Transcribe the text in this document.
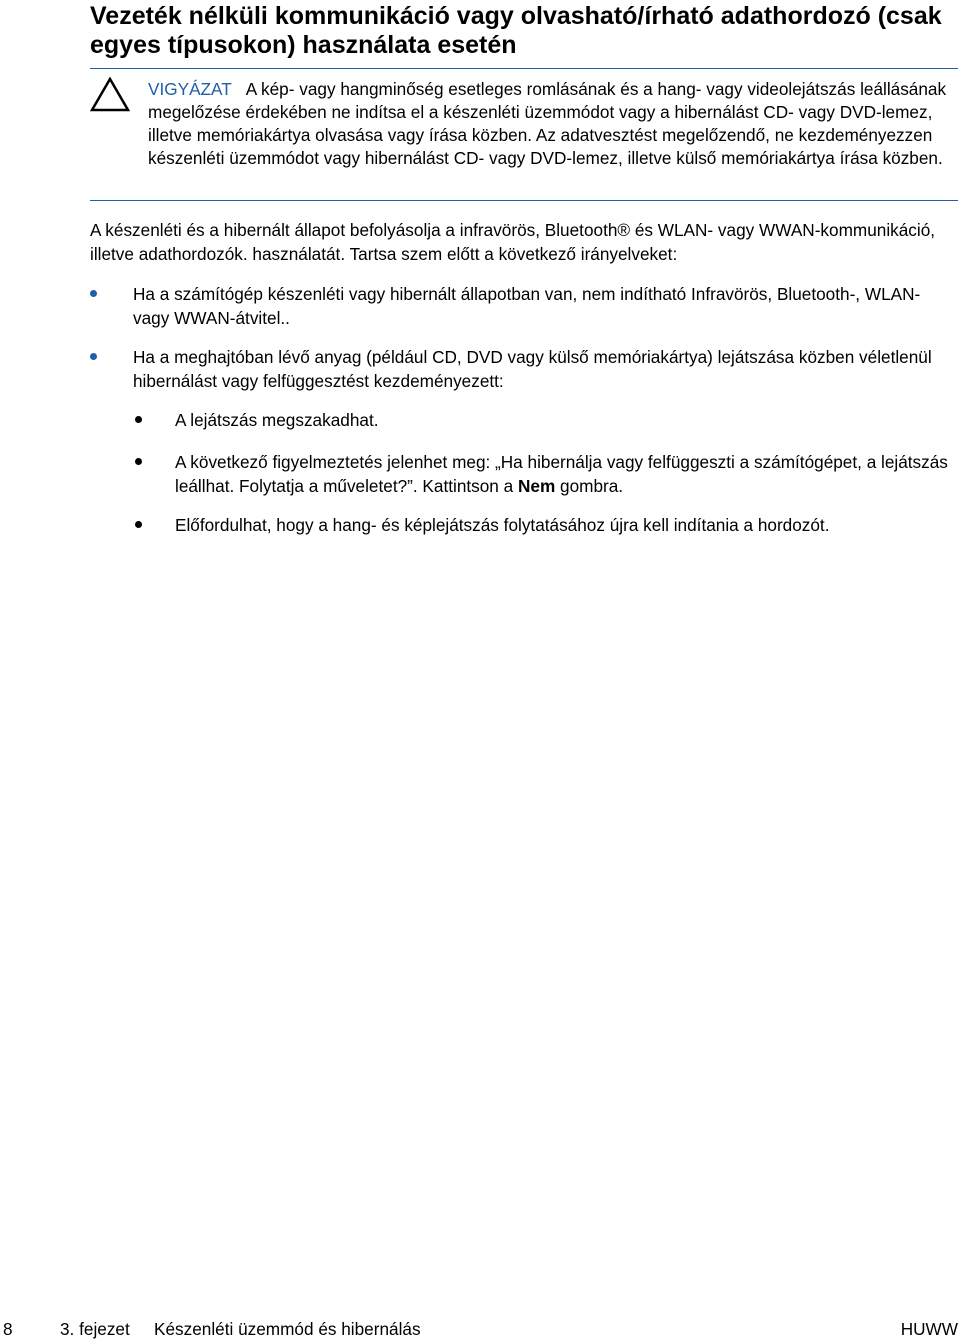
Vezeték nélküli kommunikáció vagy olvasható/írható adathordozó (csak egyes típusokon) használata esetén
VIGYÁZAT A kép- vagy hangminőség esetleges romlásának és a hang- vagy videolejátszás leállásának megelőzése érdekében ne indítsa el a készenléti üzemmódot vagy a hibernálást CD- vagy DVD-lemez, illetve memóriakártya olvasása vagy írása közben. Az adatvesztést megelőzendő, ne kezdeményezzen készenléti üzemmódot vagy hibernálást CD- vagy DVD-lemez, illetve külső memóriakártya írása közben.

A készenléti és a hibernált állapot befolyásolja a infravörös, Bluetooth® és WLAN- vagy WWAN-kommunikáció, illetve adathordozók. használatát. Tartsa szem előtt a következő irányelveket:

Ha a számítógép készenléti vagy hibernált állapotban van, nem indítható Infravörös, Bluetooth-, WLAN- vagy WWAN-átvitel..
Ha a meghajtóban lévő anyag (például CD, DVD vagy külső memóriakártya) lejátszása közben véletlenül hibernálást vagy felfüggesztést kezdeményezett:
A lejátszás megszakadhat.
A következő figyelmeztetés jelenhet meg: „Ha hibernálja vagy felfüggeszti a számítógépet, a lejátszás leállhat. Folytatja a műveletet?”. Kattintson a Nem gombra.
Előfordulhat, hogy a hang- és képlejátszás folytatásához újra kell indítania a hordozót.
8	3. fejezet Készenléti üzemmód és hibernálás	HUWW
